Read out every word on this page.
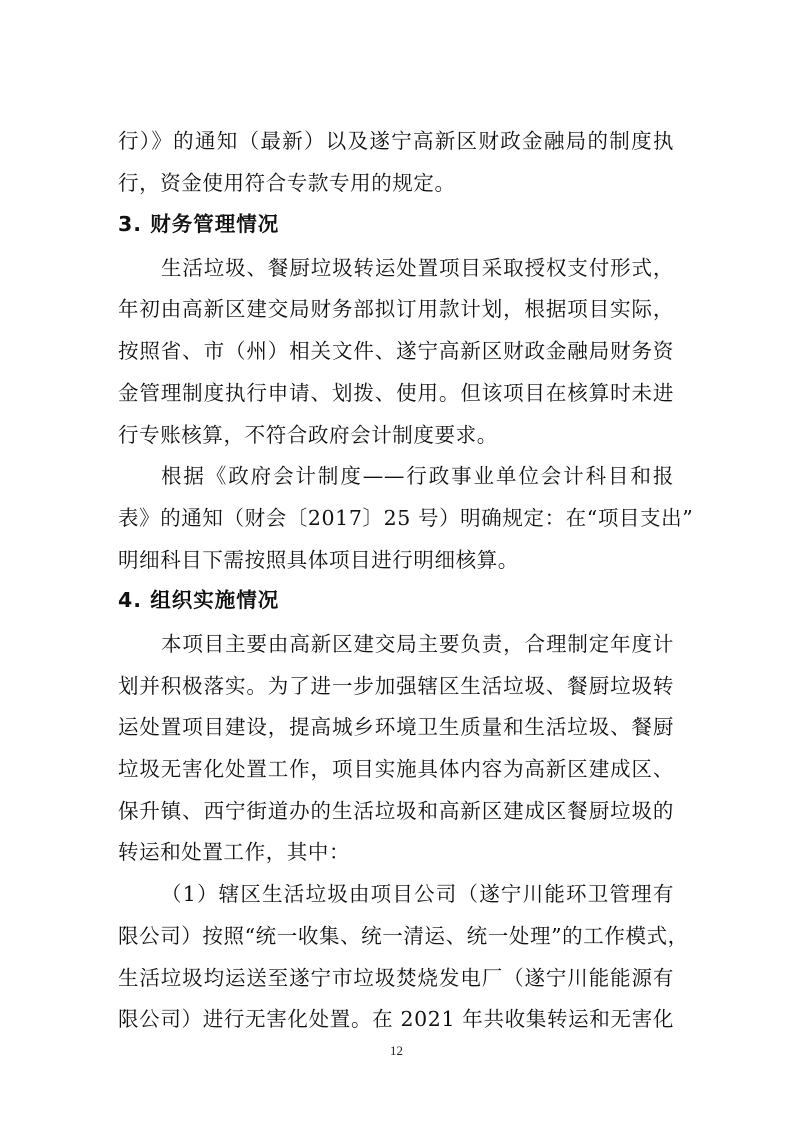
行）》的通知（最新）以及遂宁高新区财政金融局的制度执
行，资金使用符合专款专用的规定。
3. 财务管理情况
生活垃圾、餐厨垃圾转运处置项目采取授权支付形式，
年初由高新区建交局财务部拟订用款计划，根据项目实际，
按照省、市（州）相关文件、遂宁高新区财政金融局财务资
金管理制度执行申请、划拨、使用。但该项目在核算时未进
行专账核算，不符合政府会计制度要求。
根据《政府会计制度——行政事业单位会计科目和报
表》的通知（财会〔2017〕25 号）明确规定：在“项目支出”
明细科目下需按照具体项目进行明细核算。
4. 组织实施情况
本项目主要由高新区建交局主要负责，合理制定年度计
划并积极落实。为了进一步加强辖区生活垃圾、餐厨垃圾转
运处置项目建设，提高城乡环境卫生质量和生活垃圾、餐厨
垃圾无害化处置工作，项目实施具体内容为高新区建成区、
保升镇、西宁街道办的生活垃圾和高新区建成区餐厨垃圾的
转运和处置工作，其中：
（1）辖区生活垃圾由项目公司（遂宁川能环卫管理有
限公司）按照“统一收集、统一清运、统一处理”的工作模式，
生活垃圾均运送至遂宁市垃圾焚烧发电厂（遂宁川能能源有
限公司）进行无害化处置。在 2021 年共收集转运和无害化
12
